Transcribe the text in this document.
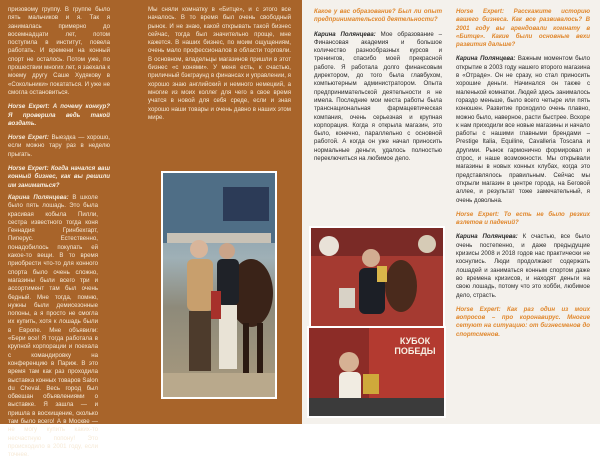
призовому группу. В группе было пять мальчиков и я. Так я занималась примерно до восемнадцати лет, потом поступила в институт, повела работать. И времени на конный спорт не осталось. Потом уже, по прошествии многих лет, я заехала к моему другу Саше Худякову в «Сокольники» покататься. И уже не смогла остановиться.

Horse Expert: А почему конкур? Я проверила ведь такой воздать.

Horse Expert: Выездка — хорошо, если можно тару раз в неделю прыгать.

Horse Expert: Когда начался ваш конный бизнес, как вы решили им заниматься?

Мы сняли комнатку в «Битце», и с этого все началось. В то время был очень свободный рынок. И не знаю, какой открывать такой бизнес сейчас, тогда был значительно проще, мне кажется. В наших бизнес, по моим ощущениям, очень мало профессионалов в области торговли. В основном, владельцы магазинов пришли в этот бизнес «с конями». У меня есть, к счастью, приличный бэкграунд в финансах и управлении, я хорошо знаю английский и немного немецкий, а многие из моих коллег для чего в свое время учатся в новой для себя среде, если и зная хорошо наши товары и очень давно в наших этом мире.

Карина Полянцева: В школе было пять лошадь. Это была красивая кобыла Пилли, сестра известного тогда коня Геннадия Гринбехгарт, Пиперус. Естественно, понадобилось покупать ей какое-то вещи. В то время приобрести что-то для конного спорта было очень сложно, магазины были всего три и ассортимент там был очень бедный. Мне тогда, помню, нужны были демисезонные попоны, а я просто не смогла их купить, хотя к лошадь были в Европе. Мне объявили: «Бери все! Я тогда работала в крупной корпорации и поехала с командировку на конференцию в Париж. В это время там как раз проходила выставка конных товаров Salon du Cheval. Весь город был обвешан объявлениями о выставке. Я зашла — и пришла в восхищение, сколько там было всего! А в Москве — не могу купить каких-то несчастную попону! Это происходило в 2001 году, если точнее.

Какое у вас образование? Был ли опыт предпринимательской деятельности?

Карина Полянцева: Мое образование – Финансовая академия и большое количество разнообразных курсов и тренингов, спасибо моей прекрасной работе. Я работала долго финансовым директором, до того была главбухом, компьютерным администратором. Опыта предпринимательской деятельности я не имела. Последние мои места работы была транснациональная фармацевтическая компания, очень серьезная и крупная корпорация. Когда я открыла магазин, это было, конечно, параллельно с основной работой. А когда он уже начал приносить нормальные деньги, удалось полностью переключиться на любимое дело.

Horse Expert: Расскажите историю вашего бизнеса. Как все развивалось? В 2001 году вы арендовали комнату в «Битце». Какие были основные вехи развития дальше?

Карина Полянцева: Важным моментом было открытие в 2003 году нашего второго магазина в «Отраде». Он не сразу, но стал приносить хорошие деньги. Начинался он также с маленькой комнатки. Людей здесь занималось гораздо меньше, было всего четыре или пять конюшен. Развитие проходило очень плавно, можно было, наверное, расти быстрее. Вскоре к нам приходили все новые магазины и начало работы с нашими главными брендами – Prestige Italia, Equiline, Cavalleria Toscana и другими. Рынок гармонично формировал и спрос, и наше возможности. Мы открывали магазины в новых конных клубах, когда это представлялось правильным. Сейчас мы открыли магазин в центре города, на Беговой аллее, и результат тоже замечательный, я очень довольна.

Horse Expert: То есть не было резких взлетов и падений?

Карина Полянцева: К счастью, все было очень постепенно, и даже предыдущие кризисы 2008 и 2018 годов нас практически не коснулись. Люди продолжают содержать лошадей и заниматься конным спортом даже во времена кризисов, и находят деньги на свою лошадь, потому что это хобби, любимое дело, страсть.

Horse Expert: Как раз один из моих вопросов – про коронавирус. Многие сетуют на ситуацию: от бизнесменов до спортсменов.

КУБОК ПОБЕДЫ
